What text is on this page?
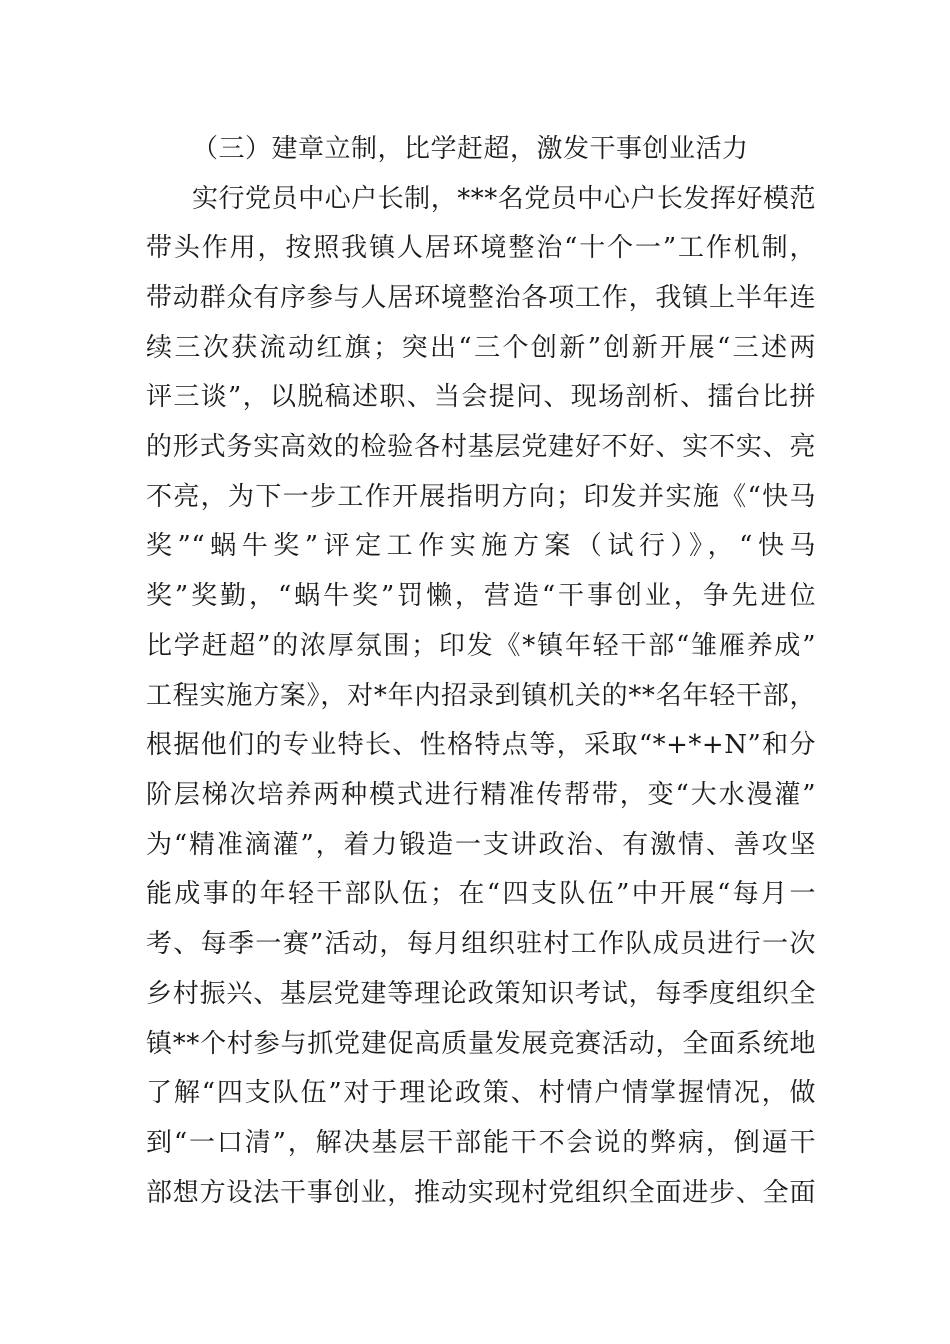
（三）建章立制，比学赶超，激发干事创业活力
实行党员中心户长制，***名党员中心户长发挥好模范
带头作用，按照我镇人居环境整治“十个一”工作机制，
带动群众有序参与人居环境整治各项工作，我镇上半年连
续三次获流动红旗；突出“三个创新”创新开展“三述两
评三谈”，以脱稿述职、当会提问、现场剖析、擂台比拼
的形式务实高效的检验各村基层党建好不好、实不实、亮
不亮，为下一步工作开展指明方向；印发并实施《“快马
奖”“蜗牛奖”评定工作实施方案（试行）》，“快马
奖”奖勤，“蜗牛奖”罚懒，营造“干事创业，争先进位
比学赶超”的浓厚氛围；印发《*镇年轻干部“雏雁养成”
工程实施方案》，对*年内招录到镇机关的**名年轻干部，
根据他们的专业特长、性格特点等，采取“*+*+N”和分
阶层梯次培养两种模式进行精准传帮带，变“大水漫灌”
为“精准滴灌”，着力锻造一支讲政治、有激情、善攻坚
能成事的年轻干部队伍；在“四支队伍”中开展“每月一
考、每季一赛”活动，每月组织驻村工作队成员进行一次
乡村振兴、基层党建等理论政策知识考试，每季度组织全
镇**个村参与抓党建促高质量发展竞赛活动，全面系统地
了解“四支队伍”对于理论政策、村情户情掌握情况，做
到“一口清”，解决基层干部能干不会说的弊病，倒逼干
部想方设法干事创业，推动实现村党组织全面进步、全面
